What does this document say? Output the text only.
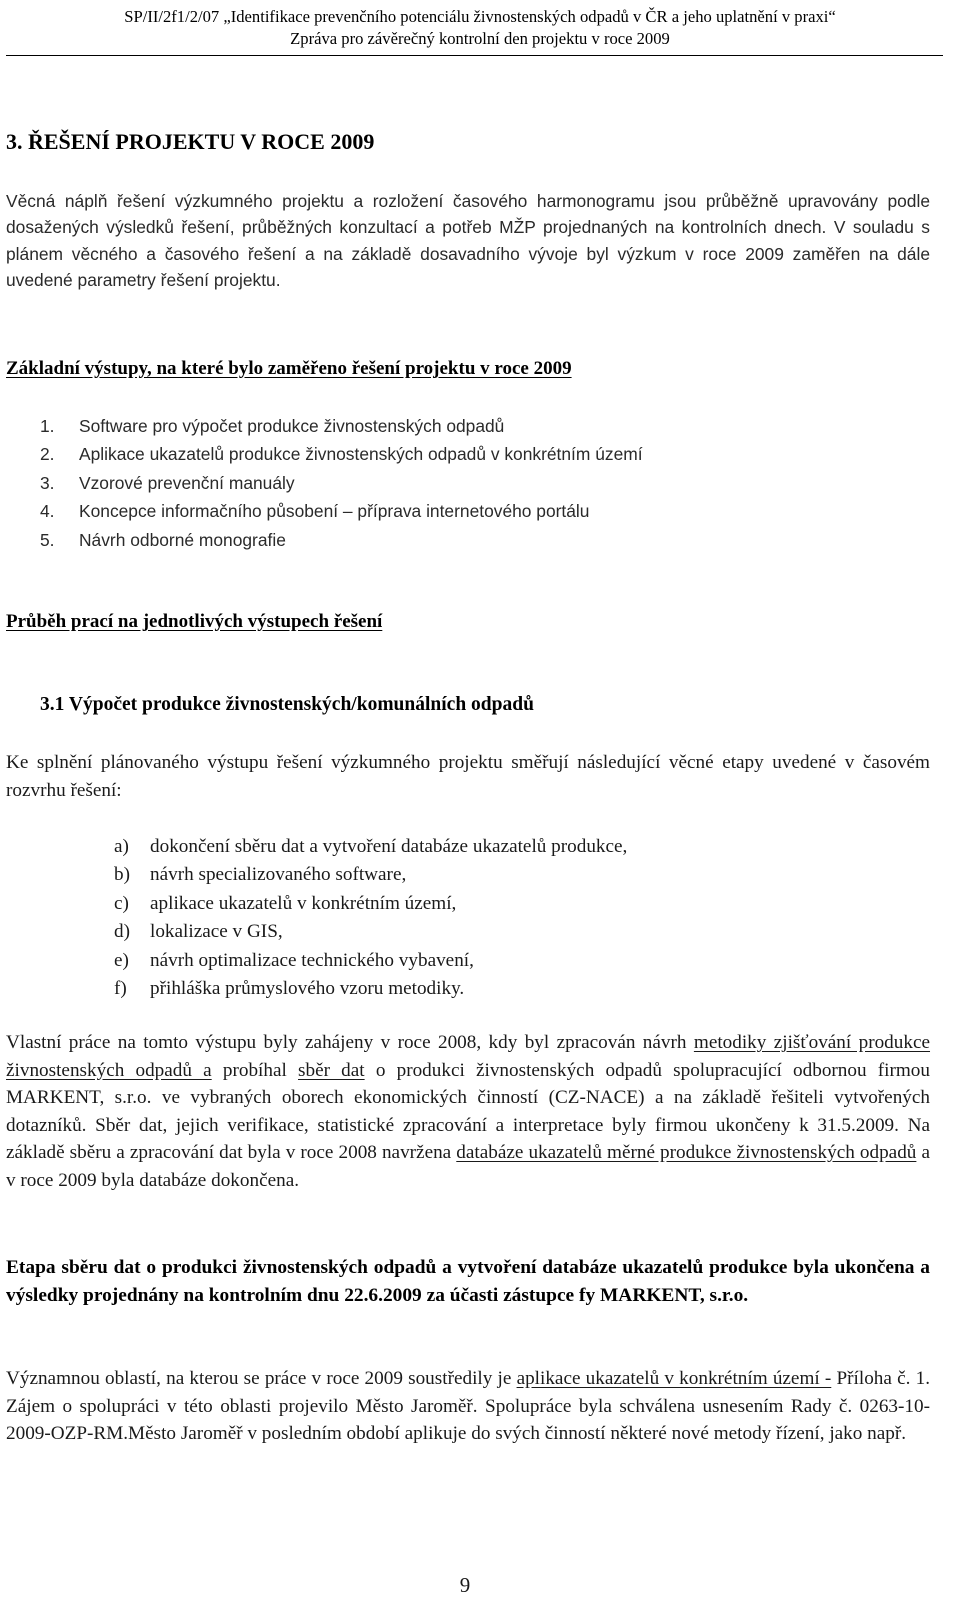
SP/II/2f1/2/07 „Identifikace prevenčního potenciálu živnostenských odpadů v ČR a jeho uplatnění v praxi“
Zpráva pro závěrečný kontrolní den projektu v roce 2009
3. ŘEŠENÍ PROJEKTU V ROCE 2009
Věcná náplň řešení výzkumného projektu a rozložení časového harmonogramu jsou průběžně upravovány podle dosažených výsledků řešení, průběžných konzultací a potřeb MŽP projednaných na kontrolních dnech. V souladu s plánem věcného a časového řešení a na základě dosavadního vývoje byl výzkum v roce 2009 zaměřen na dále uvedené parametry řešení projektu.
Základní výstupy, na které bylo zaměřeno řešení projektu v roce 2009
1. Software pro výpočet produkce živnostenských odpadů
2. Aplikace ukazatelů produkce živnostenských odpadů v konkrétním území
3. Vzorové prevenční manuály
4. Koncepce informačního působení – příprava internetového portálu
5. Návrh odborné monografie
Průběh prací na jednotlivých výstupech řešení
3.1 Výpočet produkce živnostenských/komunálních odpadů
Ke splnění plánovaného výstupu řešení výzkumného projektu směřují následující věcné etapy uvedené v časovém rozvrhu řešení:
a) dokončení sběru dat a vytvoření databáze ukazatelů produkce,
b) návrh specializovaného software,
c) aplikace ukazatelů v konkrétním území,
d) lokalizace v GIS,
e) návrh optimalizace technického vybavení,
f) přihláška průmyslového vzoru metodiky.
Vlastní práce na tomto výstupu byly zahájeny v roce 2008, kdy byl zpracován návrh metodiky zjišťování produkce živnostenských odpadů a probíhal sběr dat o produkci živnostenských odpadů spolupracující odbornou firmou MARKENT, s.r.o. ve vybraných oborech ekonomických činností (CZ-NACE) a na základě řešiteli vytvořených dotazníků. Sběr dat, jejich verifikace, statistické zpracování a interpretace byly firmou ukončeny k 31.5.2009. Na základě sběru a zpracování dat byla v roce 2008 navržena databáze ukazatelů měrné produkce živnostenských odpadů a v roce 2009 byla databáze dokončena.
Etapa sběru dat o produkci živnostenských odpadů a vytvoření databáze ukazatelů produkce byla ukončena a výsledky projednány na kontrolním dnu 22.6.2009 za účasti zástupce fy MARKENT, s.r.o.
Významnou oblastí, na kterou se práce v roce 2009 soustředily je aplikace ukazatelů v konkrétním území - Příloha č. 1. Zájem o spolupráci v této oblasti projevilo Město Jaroměř. Spolupráce byla schválena usnesením Rady č. 0263-10-2009-OZP-RM.Město Jaroměř v posledním období aplikuje do svých činností některé nové metody řízení, jako např.
9
